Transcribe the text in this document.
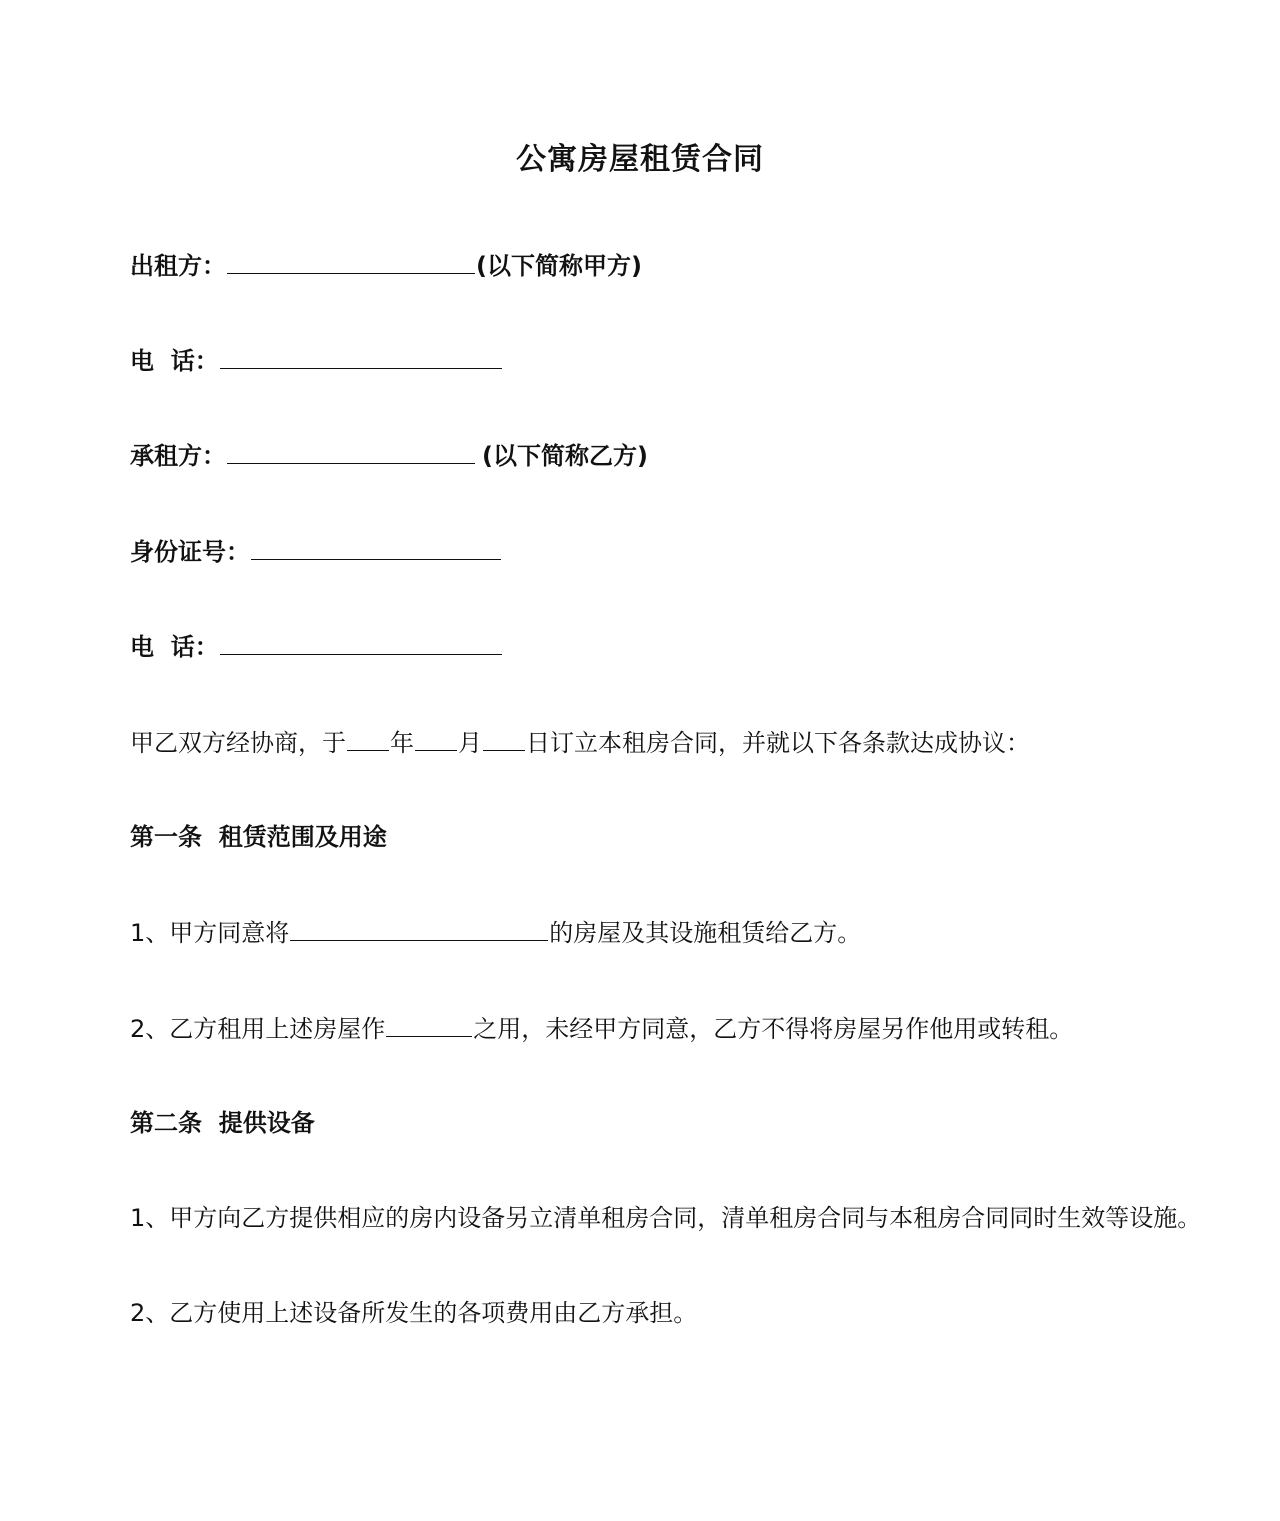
公寓房屋租赁合同
出租方：	(以下简称甲方)
电  话：
承租方：	(以下简称乙方)
身份证号：
电  话：
甲乙双方经协商，于 年 月 日订立本租房合同，并就以下各条款达成协议：
第一条  租赁范围及用途
1、甲方同意将	的房屋及其设施租赁给乙方。
2、乙方租用上述房屋作	之用，未经甲方同意，乙方不得将房屋另作他用或转租。
第二条  提供设备
1、甲方向乙方提供相应的房内设备另立清单租房合同，清单租房合同与本租房合同同时生效等设施。
2、乙方使用上述设备所发生的各项费用由乙方承担。
